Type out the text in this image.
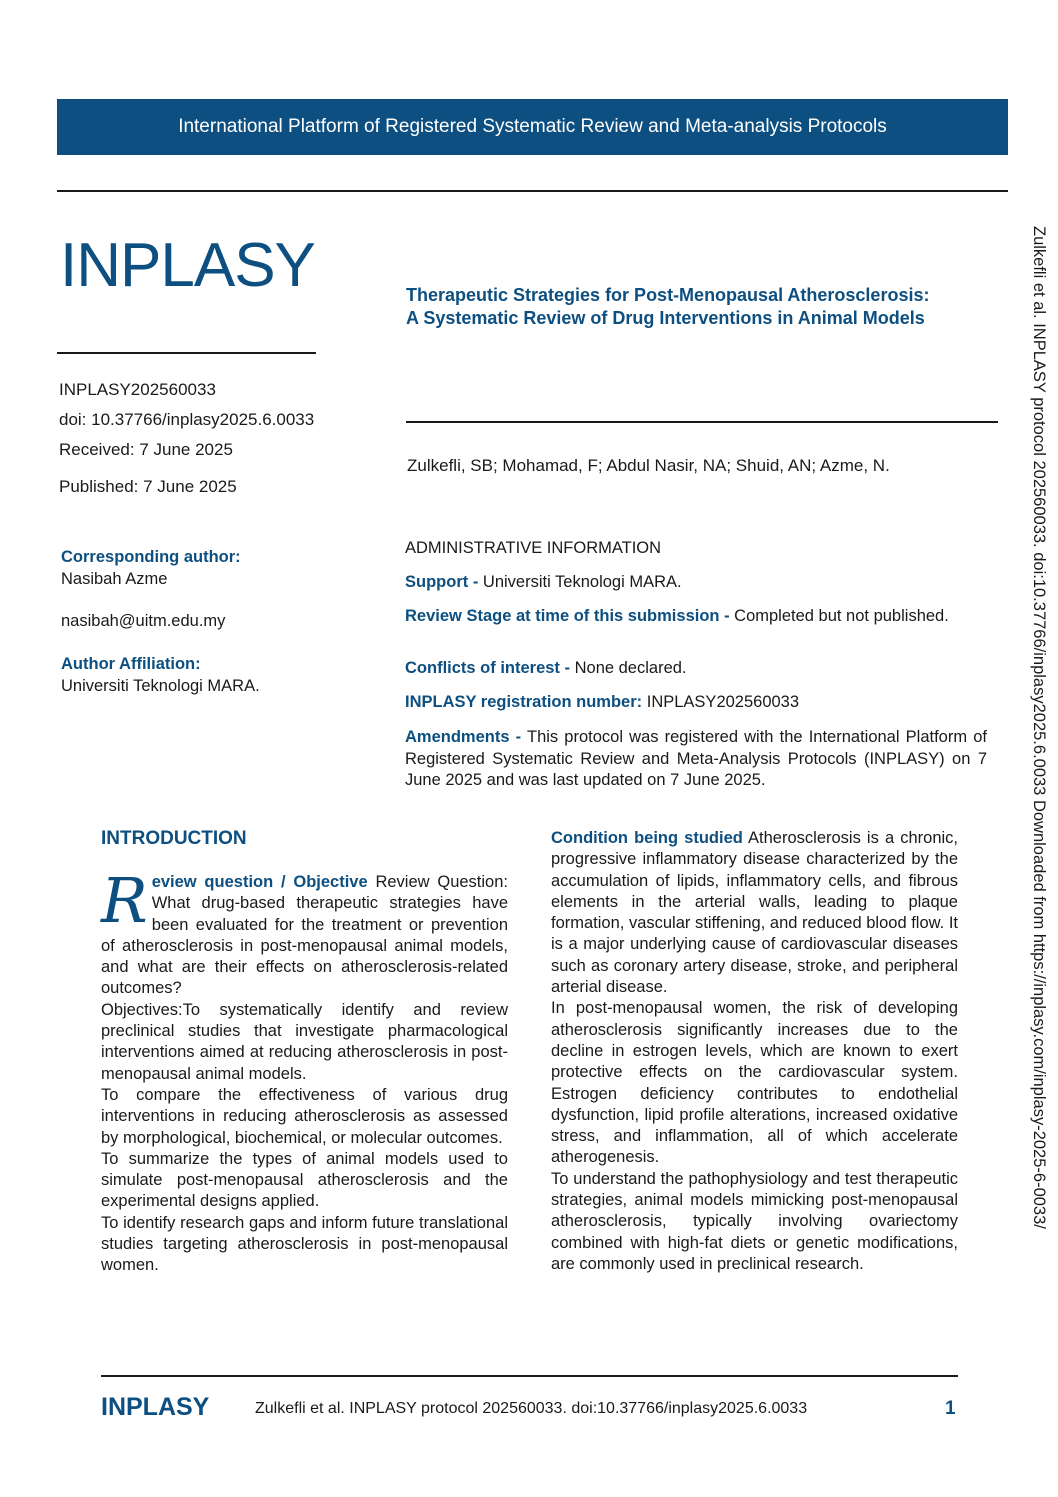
International Platform of Registered Systematic Review and Meta-analysis Protocols
INPLASY	Therapeutic Strategies for Post-Menopausal Atherosclerosis:
A Systematic Review of Drug Interventions in Animal Models
INPLASY202560033
doi: 10.37766/inplasy2025.6.0033
Received: 7 June 2025
Published: 7 June 2025
Zulkefli, SB; Mohamad, F; Abdul Nasir, NA; Shuid, AN; Azme, N.
Corresponding author:
Nasibah Azme
nasibah@uitm.edu.my
Author Affiliation:
Universiti Teknologi MARA.
ADMINISTRATIVE INFORMATION
Support - Universiti Teknologi MARA.
Review Stage at time of this submission - Completed but not published.
Conflicts of interest - None declared.
INPLASY registration number: INPLASY202560033
Amendments - This protocol was registered with the International Platform of Registered Systematic Review and Meta-Analysis Protocols (INPLASY) on 7 June 2025 and was last updated on 7 June 2025.
INTRODUCTION

Review question / Objective Review Question: What drug-based therapeutic strategies have been evaluated for the treatment or prevention of atherosclerosis in post-menopausal animal models, and what are their effects on atherosclerosis-related outcomes?

Objectives:To systematically identify and review preclinical studies that investigate pharmacological interventions aimed at reducing atherosclerosis in post-menopausal animal models.

To compare the effectiveness of various drug interventions in reducing atherosclerosis as assessed by morphological, biochemical, or molecular outcomes.

To summarize the types of animal models used to simulate post-menopausal atherosclerosis and the experimental designs applied.

To identify research gaps and inform future translational studies targeting atherosclerosis in post-menopausal women.

Condition being studied Atherosclerosis is a chronic, progressive inflammatory disease characterized by the accumulation of lipids, inflammatory cells, and fibrous elements in the arterial walls, leading to plaque formation, vascular stiffening, and reduced blood flow. It is a major underlying cause of cardiovascular diseases such as coronary artery disease, stroke, and peripheral arterial disease.

In post-menopausal women, the risk of developing atherosclerosis significantly increases due to the decline in estrogen levels, which are known to exert protective effects on the cardiovascular system. Estrogen deficiency contributes to endothelial dysfunction, lipid profile alterations, increased oxidative stress, and inflammation, all of which accelerate atherogenesis.

To understand the pathophysiology and test therapeutic strategies, animal models mimicking post-menopausal atherosclerosis, typically involving ovariectomy combined with high-fat diets or genetic modifications, are commonly used in preclinical research.

INPLASY	Zulkefli et al. INPLASY protocol 202560033. doi:10.37766/inplasy2025.6.0033	1
Zulkefli et al. INPLASY protocol 202560033. doi:10.37766/inplasy2025.6.0033 Downloaded from https://inplasy.com/inplasy-2025-6-0033/
